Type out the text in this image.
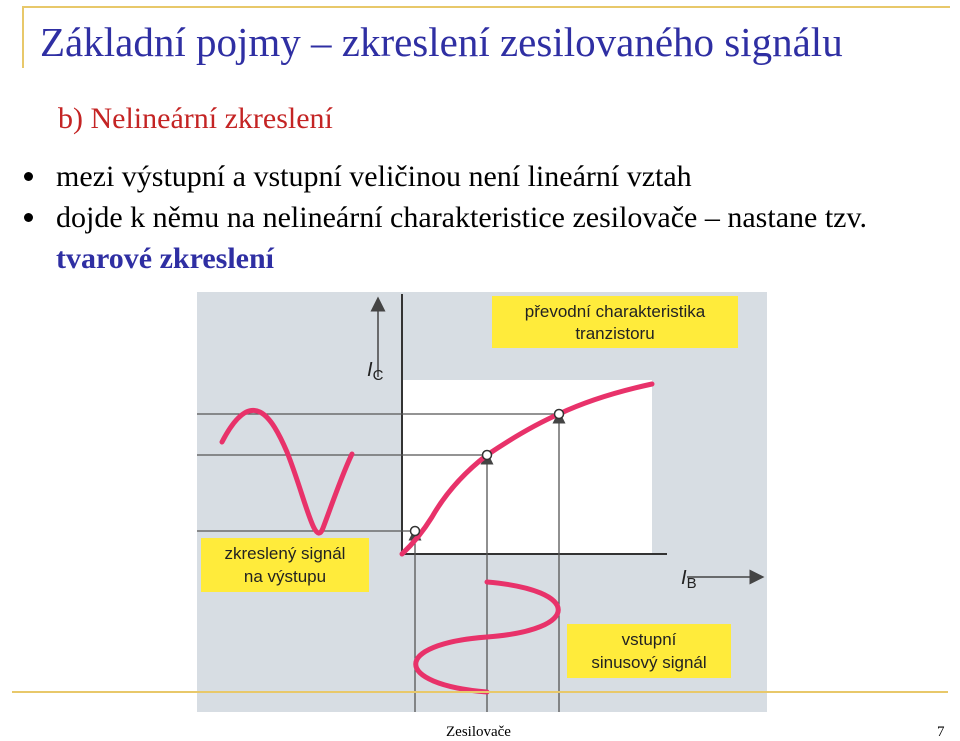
Základní pojmy – zkreslení zesilovaného signálu
b) Nelineární zkreslení
mezi výstupní a vstupní veličinou není lineární vztah
dojde k němu na nelineární charakteristice zesilovače – nastane tzv. tvarové zkreslení
$I_C$
$I_B$
převodní charakteristika
tranzistoru
zkreslený signál
na výstupu
vstupní
sinusový signál
Zesilovače	7
